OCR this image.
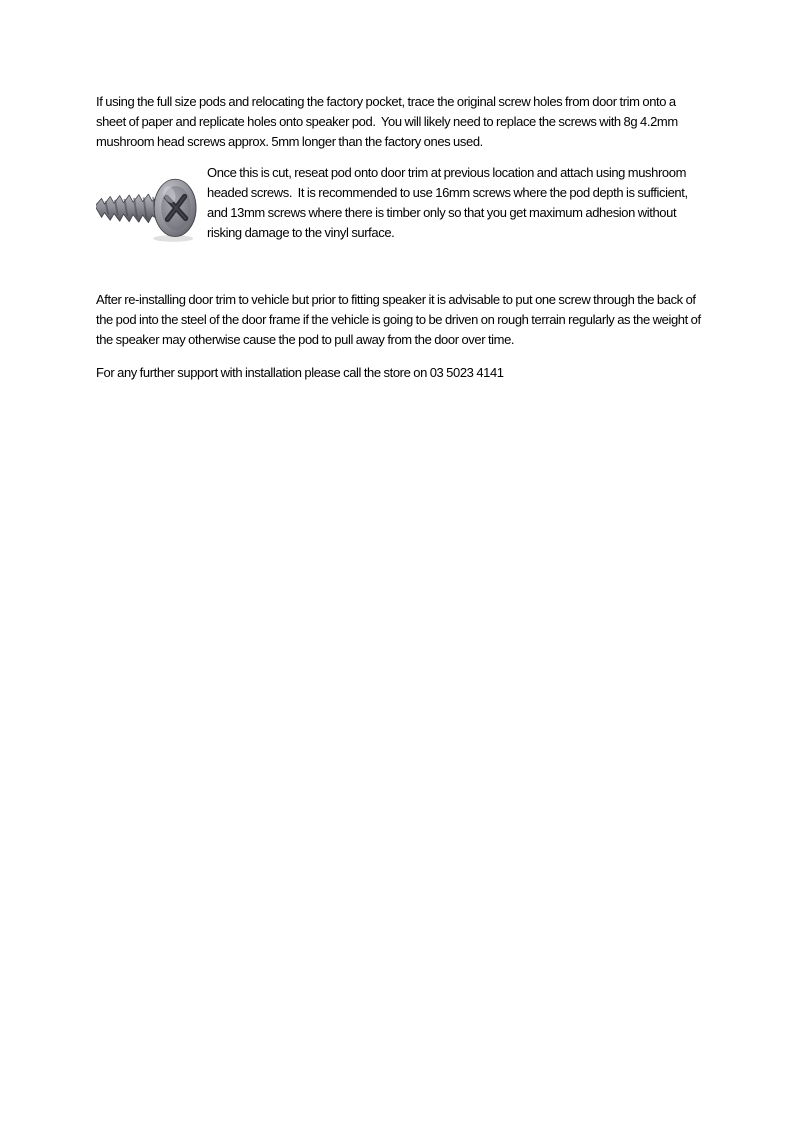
If using the full size pods and relocating the factory pocket, trace the original screw holes from door trim onto a sheet of paper and replicate holes onto speaker pod.  You will likely need to replace the screws with 8g 4.2mm mushroom head screws approx. 5mm longer than the factory ones used.

Once this is cut, reseat pod onto door trim at previous location and attach using mushroom headed screws.  It is recommended to use 16mm screws where the pod depth is sufficient, and 13mm screws where there is timber only so that you get maximum adhesion without risking damage to the vinyl surface.

After re-installing door trim to vehicle but prior to fitting speaker it is advisable to put one screw through the back of the pod into the steel of the door frame if the vehicle is going to be driven on rough terrain regularly as the weight of the speaker may otherwise cause the pod to pull away from the door over time.

For any further support with installation please call the store on 03 5023 4141
